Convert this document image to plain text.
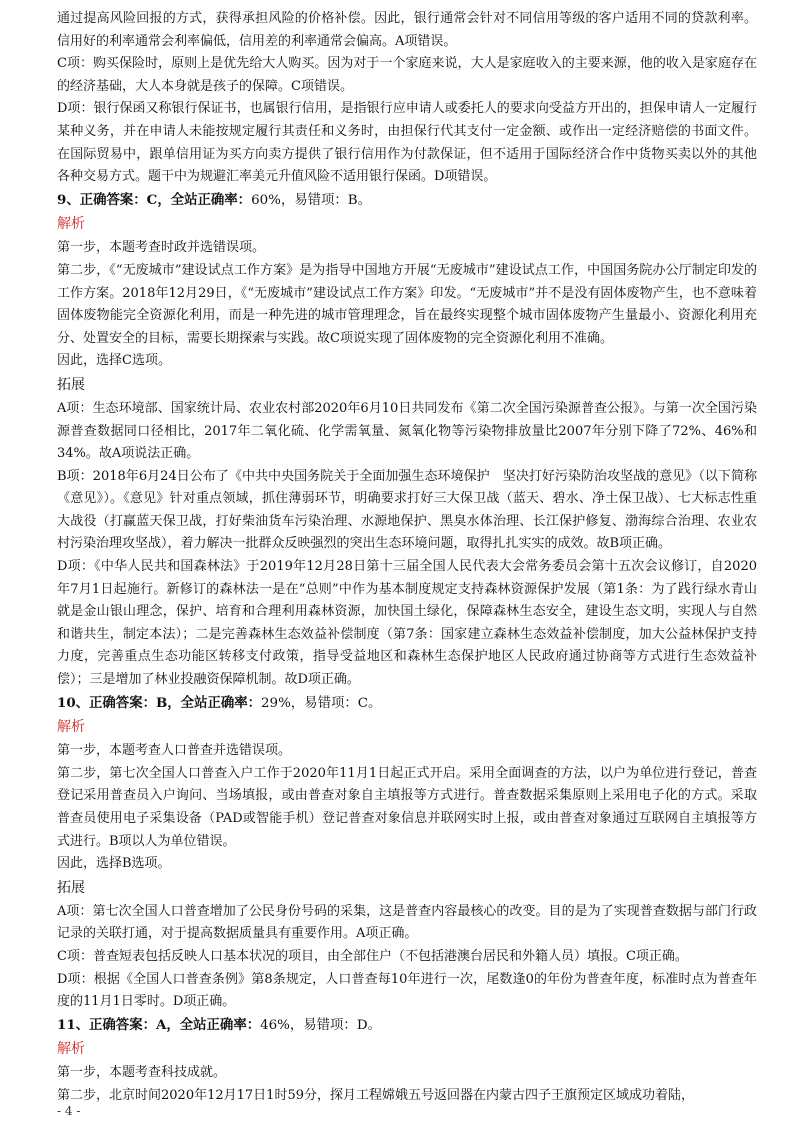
通过提高风险回报的方式，获得承担风险的价格补偿。因此，银行通常会针对不同信用等级的客户适用不同的贷款利率。信用好的利率通常会利率偏低，信用差的利率通常会偏高。A项错误。

C项：购买保险时，原则上是优先给大人购买。因为对于一个家庭来说，大人是家庭收入的主要来源，他的收入是家庭存在的经济基础，大人本身就是孩子的保障。C项错误。

D项：银行保函又称银行保证书，也属银行信用，是指银行应申请人或委托人的要求向受益方开出的，担保申请人一定履行某种义务，并在申请人未能按规定履行其责任和义务时，由担保行代其支付一定金额、或作出一定经济赔偿的书面文件。在国际贸易中，跟单信用证为买方向卖方提供了银行信用作为付款保证，但不适用于国际经济合作中货物买卖以外的其他各种交易方式。题干中为规避汇率美元升值风险不适用银行保函。D项错误。

9、正确答案：C，全站正确率：60%，易错项：B。

解析

第一步，本题考查时政并选错误项。

第二步，《“无废城市”建设试点工作方案》是为指导中国地方开展“无废城市”建设试点工作，中国国务院办公厅制定印发的工作方案。2018年12月29日，《“无废城市”建设试点工作方案》印发。“无废城市”并不是没有固体废物产生，也不意味着固体废物能完全资源化利用，而是一种先进的城市管理理念，旨在最终实现整个城市固体废物产生量最小、资源化利用充分、处置安全的目标，需要长期探索与实践。故C项说实现了固体废物的完全资源化利用不准确。

因此，选择C选项。

拓展

A项：生态环境部、国家统计局、农业农村部2020年6月10日共同发布《第二次全国污染源普查公报》。与第一次全国污染源普查数据同口径相比，2017年二氧化硫、化学需氧量、氮氧化物等污染物排放量比2007年分别下降了72%、46%和34%。故A项说法正确。

B项：2018年6月24日公布了《中共中央国务院关于全面加强生态环境保护　坚决打好污染防治攻坚战的意见》（以下简称《意见》）。《意见》针对重点领域，抓住薄弱环节，明确要求打好三大保卫战（蓝天、碧水、净土保卫战）、七大标志性重大战役（打赢蓝天保卫战，打好柴油货车污染治理、水源地保护、黑臭水体治理、长江保护修复、渤海综合治理、农业农村污染治理攻坚战），着力解决一批群众反映强烈的突出生态环境问题，取得扎扎实实的成效。故B项正确。

D项：《中华人民共和国森林法》于2019年12月28日第十三届全国人民代表大会常务委员会第十五次会议修订，自2020年7月1日起施行。新修订的森林法一是在“总则”中作为基本制度规定支持森林资源保护发展（第1条：为了践行绿水青山就是金山银山理念，保护、培育和合理利用森林资源，加快国土绿化，保障森林生态安全，建设生态文明，实现人与自然和谐共生，制定本法）；二是完善森林生态效益补偿制度（第7条：国家建立森林生态效益补偿制度，加大公益林保护支持力度，完善重点生态功能区转移支付政策，指导受益地区和森林生态保护地区人民政府通过协商等方式进行生态效益补偿）；三是增加了林业投融资保障机制。故D项正确。

10、正确答案：B，全站正确率：29%，易错项：C。

解析

第一步，本题考查人口普查并选错误项。

第二步，第七次全国人口普查入户工作于2020年11月1日起正式开启。采用全面调查的方法，以户为单位进行登记，普查登记采用普查员入户询问、当场填报，或由普查对象自主填报等方式进行。普查数据采集原则上采用电子化的方式。采取普查员使用电子采集设备（PAD或智能手机）登记普查对象信息并联网实时上报，或由普查对象通过互联网自主填报等方式进行。B项以人为单位错误。

因此，选择B选项。

拓展

A项：第七次全国人口普查增加了公民身份号码的采集，这是普查内容最核心的改变。目的是为了实现普查数据与部门行政记录的关联打通，对于提高数据质量具有重要作用。A项正确。

C项：普查短表包括反映人口基本状况的项目，由全部住户（不包括港澳台居民和外籍人员）填报。C项正确。

D项：根据《全国人口普查条例》第8条规定，人口普查每10年进行一次，尾数逢0的年份为普查年度，标准时点为普查年度的11月1日零时。D项正确。

11、正确答案：A，全站正确率：46%，易错项：D。

解析

第一步，本题考查科技成就。

第二步，北京时间2020年12月17日1时59分，探月工程嫦娥五号返回器在内蒙古四子王旗预定区域成功着陆，

- 4 -
